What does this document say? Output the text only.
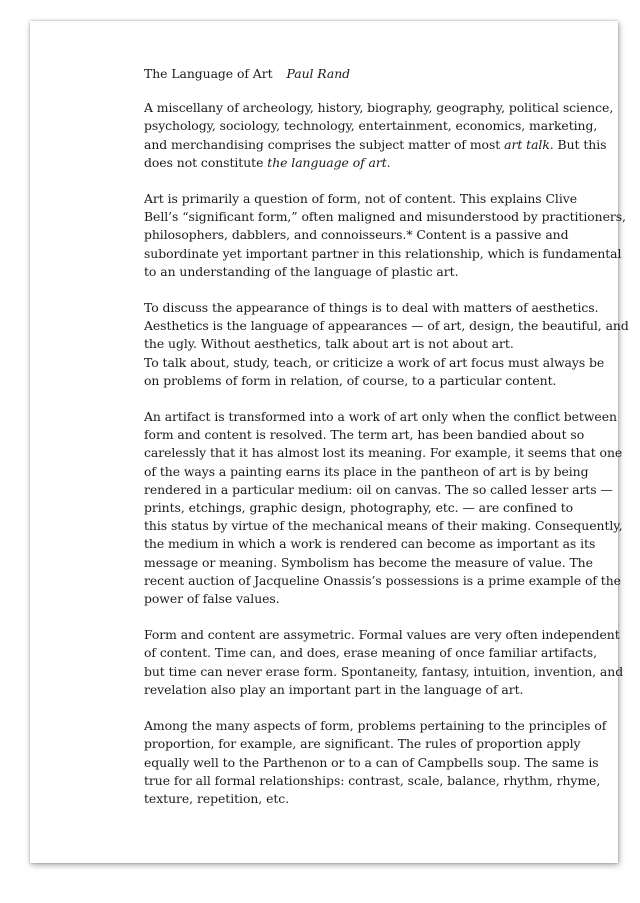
The Language of Art Paul Rand

A miscellany of archeology, history, biography, geography, political science,
psychology, sociology, technology, entertainment, economics, marketing,
and merchandising comprises the subject matter of most art talk. But this
does not constitute the language of art.

Art is primarily a question of form, not of content. This explains Clive
Bell’s “significant form,” often maligned and misunderstood by practitioners,
philosophers, dabblers, and connoisseurs.* Content is a passive and
subordinate yet important partner in this relationship, which is fundamental
to an understanding of the language of plastic art.

To discuss the appearance of things is to deal with matters of aesthetics.
Aesthetics is the language of appearances — of art, design, the beautiful, and
the ugly. Without aesthetics, talk about art is not about art.
To talk about, study, teach, or criticize a work of art focus must always be
on problems of form in relation, of course, to a particular content.

An artifact is transformed into a work of art only when the conflict between
form and content is resolved. The term art, has been bandied about so
carelessly that it has almost lost its meaning. For example, it seems that one
of the ways a painting earns its place in the pantheon of art is by being
rendered in a particular medium: oil on canvas. The so called lesser arts —
prints, etchings, graphic design, photography, etc. — are confined to
this status by virtue of the mechanical means of their making. Consequently,
the medium in which a work is rendered can become as important as its
message or meaning. Symbolism has become the measure of value. The
recent auction of Jacqueline Onassis’s possessions is a prime example of the
power of false values.

Form and content are assymetric. Formal values are very often independent
of content. Time can, and does, erase meaning of once familiar artifacts,
but time can never erase form. Spontaneity, fantasy, intuition, invention, and
revelation also play an important part in the language of art.

Among the many aspects of form, problems pertaining to the principles of
proportion, for example, are significant. The rules of proportion apply
equally well to the Parthenon or to a can of Campbells soup. The same is
true for all formal relationships: contrast, scale, balance, rhythm, rhyme,
texture, repetition, etc.
